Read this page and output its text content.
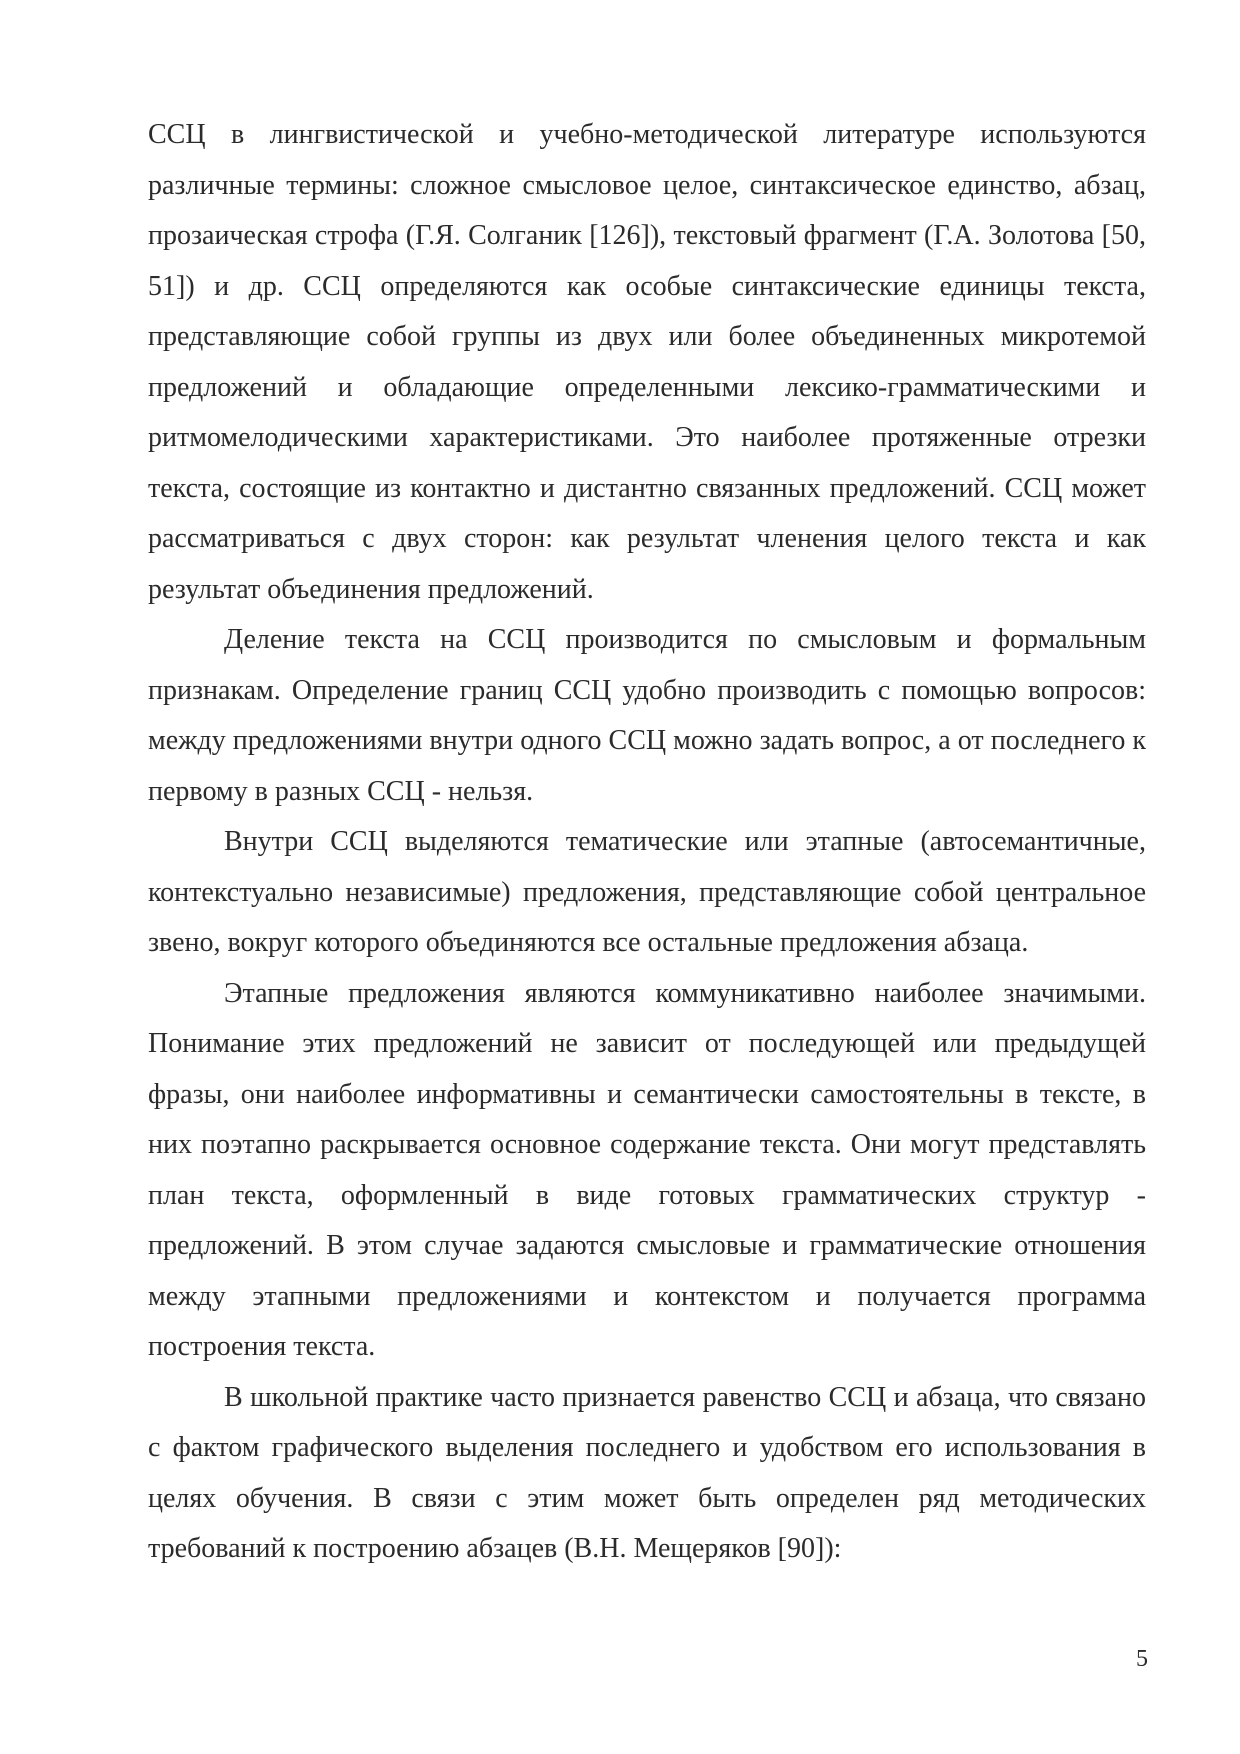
ССЦ в лингвистической и учебно-методической литературе используются различные термины: сложное смысловое целое, синтаксическое единство, абзац, прозаическая строфа (Г.Я. Солганик [126]), текстовый фрагмент (Г.А. Золотова [50, 51]) и др. ССЦ определяются как особые синтаксические единицы текста, представляющие собой группы из двух или более объединенных микротемой предложений и обладающие определенными лексико-грамматическими и ритмомелодическими характеристиками. Это наиболее протяженные отрезки текста, состоящие из контактно и дистантно связанных предложений. ССЦ может рассматриваться с двух сторон: как результат членения целого текста и как результат объединения предложений.

Деление текста на ССЦ производится по смысловым и формальным признакам. Определение границ ССЦ удобно производить с помощью вопросов: между предложениями внутри одного ССЦ можно задать вопрос, а от последнего к первому в разных ССЦ - нельзя.

Внутри ССЦ выделяются тематические или этапные (автосемантичные, контекстуально независимые) предложения, представляющие собой центральное звено, вокруг которого объединяются все остальные предложения абзаца.

Этапные предложения являются коммуникативно наиболее значимыми. Понимание этих предложений не зависит от последующей или предыдущей фразы, они наиболее информативны и семантически самостоятельны в тексте, в них поэтапно раскрывается основное содержание текста. Они могут представлять план текста, оформленный в виде готовых грамматических структур - предложений. В этом случае задаются смысловые и грамматические отношения между этапными предложениями и контекстом и получается программа построения текста.

В школьной практике часто признается равенство ССЦ и абзаца, что связано с фактом графического выделения последнего и удобством его использования в целях обучения. В связи с этим может быть определен ряд методических требований к построению абзацев (В.Н. Мещеряков [90]):

5
